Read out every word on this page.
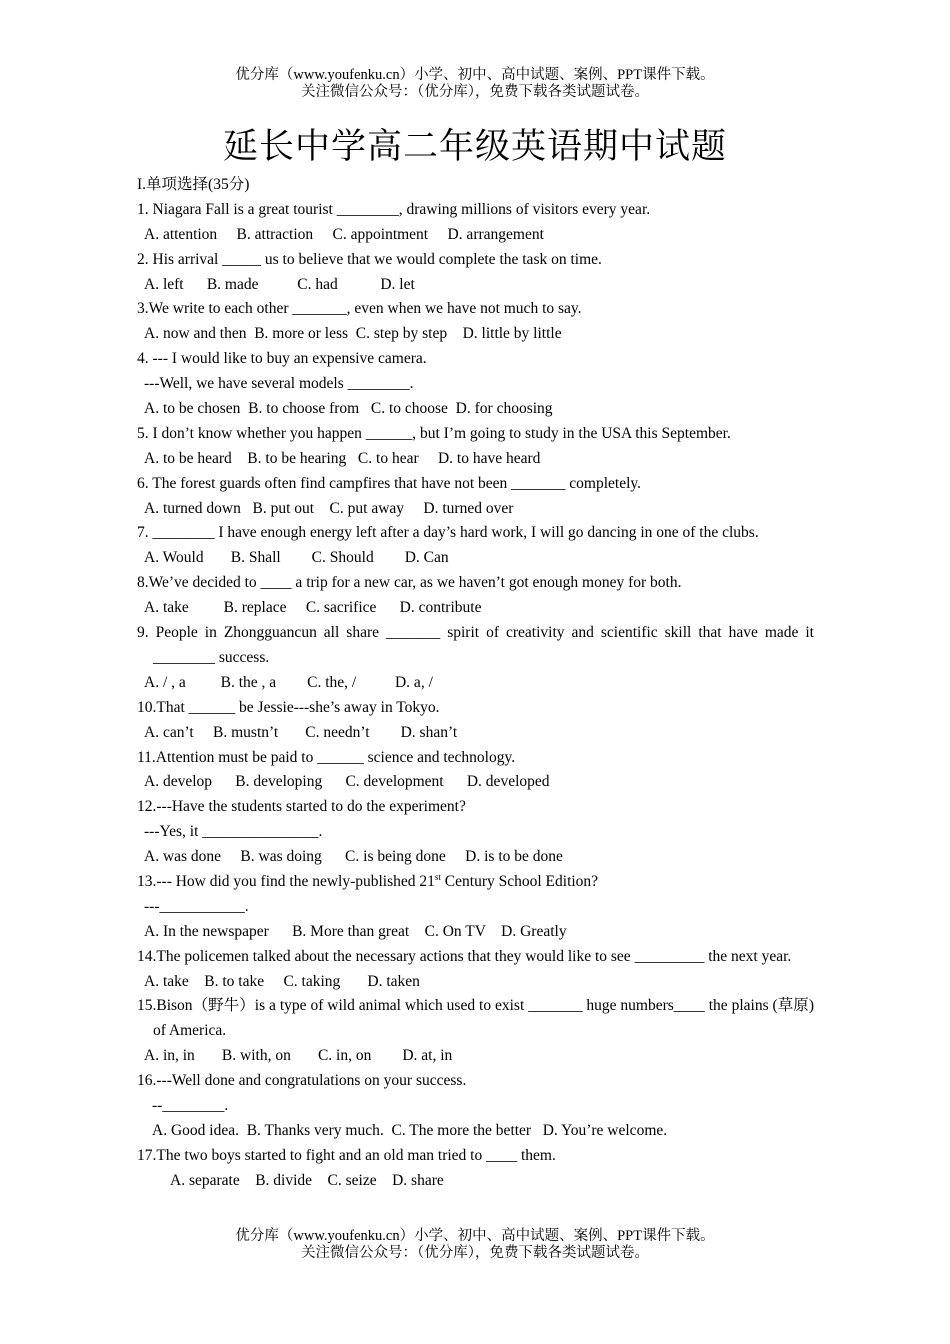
优分库（www.youfenku.cn）小学、初中、高中试题、案例、PPT课件下载。
关注微信公众号：（优分库），免费下载各类试题试卷。
延长中学高二年级英语期中试题
I.单项选择(35分)
1. Niagara Fall is a great tourist ________, drawing millions of visitors every year.
A. attention     B. attraction     C. appointment     D. arrangement
2. His arrival _____ us to believe that we would complete the task on time.
A. left      B. made          C. had           D. let
3.We write to each other _______, even when we have not much to say.
A. now and then  B. more or less  C. step by step    D. little by little
4. --- I would like to buy an expensive camera.
---Well, we have several models ________.
A. to be chosen  B. to choose from   C. to choose  D. for choosing
5. I don’t know whether you happen ______, but I’m going to study in the USA this September.
A. to be heard    B. to be hearing   C. to hear     D. to have heard
6. The forest guards often find campfires that have not been _______ completely.
A. turned down   B. put out    C. put away     D. turned over
7. ________ I have enough energy left after a day’s hard work, I will go dancing in one of the clubs.
A. Would       B. Shall        C. Should        D. Can
8.We’ve decided to ____ a trip for a new car, as we haven’t got enough money for both.
A. take         B. replace     C. sacrifice      D. contribute
9. People in Zhongguancun all share _______ spirit of creativity and scientific skill that have made it ________ success.
A. / , a         B. the , a        C. the, /          D. a, /
10.That ______ be Jessie---she’s away in Tokyo.
A. can’t     B. mustn’t       C. needn’t        D. shan’t
11.Attention must be paid to ______ science and technology.
A. develop      B. developing      C. development      D. developed
12.---Have the students started to do the experiment?
---Yes, it _______________.
A. was done     B. was doing      C. is being done     D. is to be done
13.--- How did you find the newly-published 21st Century School Edition?
---___________.
A. In the newspaper      B. More than great    C. On TV    D. Greatly
14.The policemen talked about the necessary actions that they would like to see _________ the next year.
A. take    B. to take     C. taking       D. taken
15.Bison（野牛）is a type of wild animal which used to exist _______ huge numbers____ the plains (草原) of America.
A. in, in       B. with, on       C. in, on        D. at, in
16.---Well done and congratulations on your success.
--________.
A. Good idea.  B. Thanks very much.  C. The more the better   D. You’re welcome.
17.The two boys started to fight and an old man tried to ____ them.
A. separate    B. divide    C. seize    D. share
优分库（www.youfenku.cn）小学、初中、高中试题、案例、PPT课件下载。
关注微信公众号：（优分库），免费下载各类试题试卷。
